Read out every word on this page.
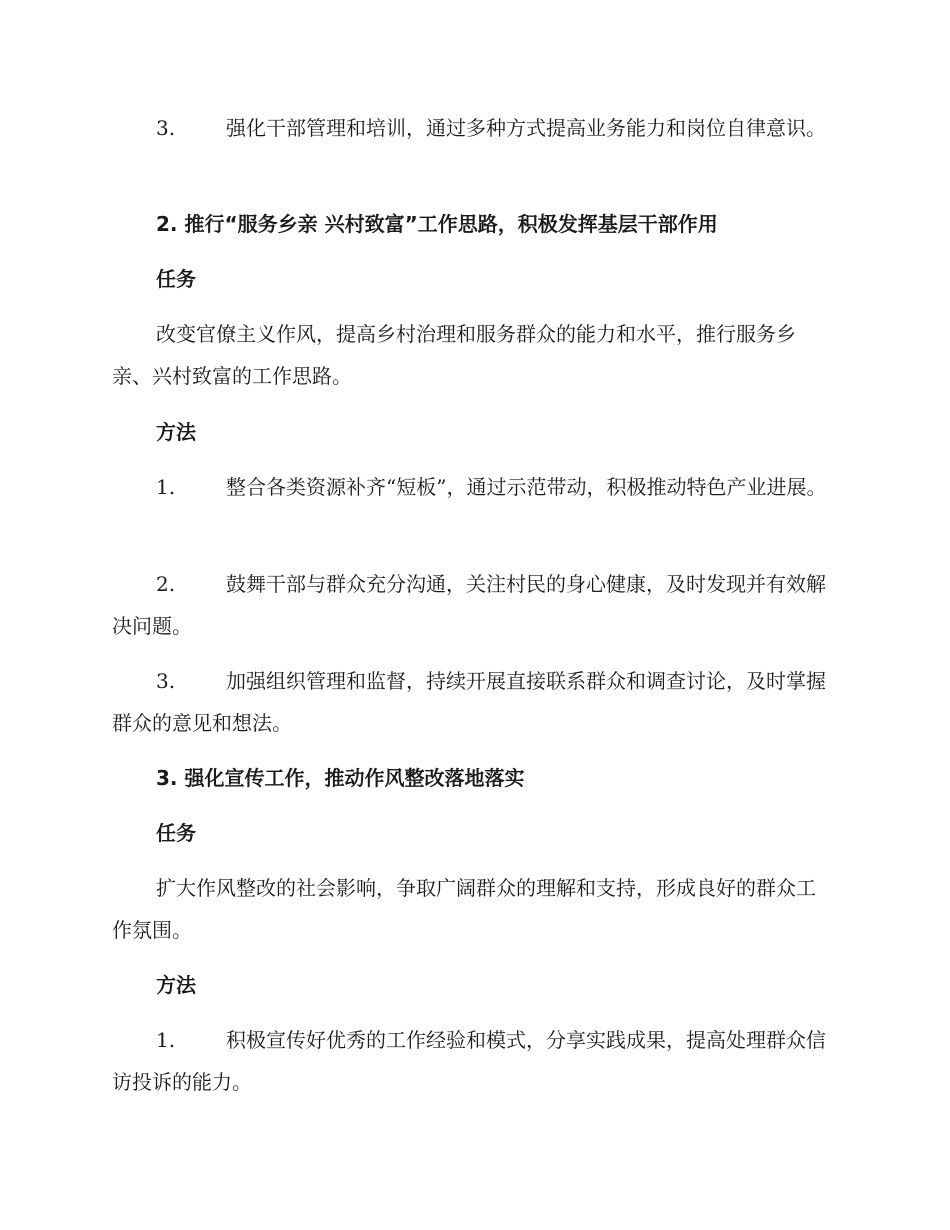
3.	强化干部管理和培训，通过多种方式提高业务能力和岗位自律意识。

2. 推行“服务乡亲 兴村致富”工作思路，积极发挥基层干部作用

任务

改变官僚主义作风，提高乡村治理和服务群众的能力和水平，推行服务乡亲、兴村致富的工作思路。

方法

1.	整合各类资源补齐“短板”，通过示范带动，积极推动特色产业进展。

2.	鼓舞干部与群众充分沟通，关注村民的身心健康，及时发现并有效解决问题。

3.	加强组织管理和监督，持续开展直接联系群众和调查讨论，及时掌握群众的意见和想法。

3. 强化宣传工作，推动作风整改落地落实

任务

扩大作风整改的社会影响，争取广阔群众的理解和支持，形成良好的群众工作氛围。

方法

1.	积极宣传好优秀的工作经验和模式，分享实践成果，提高处理群众信访投诉的能力。
